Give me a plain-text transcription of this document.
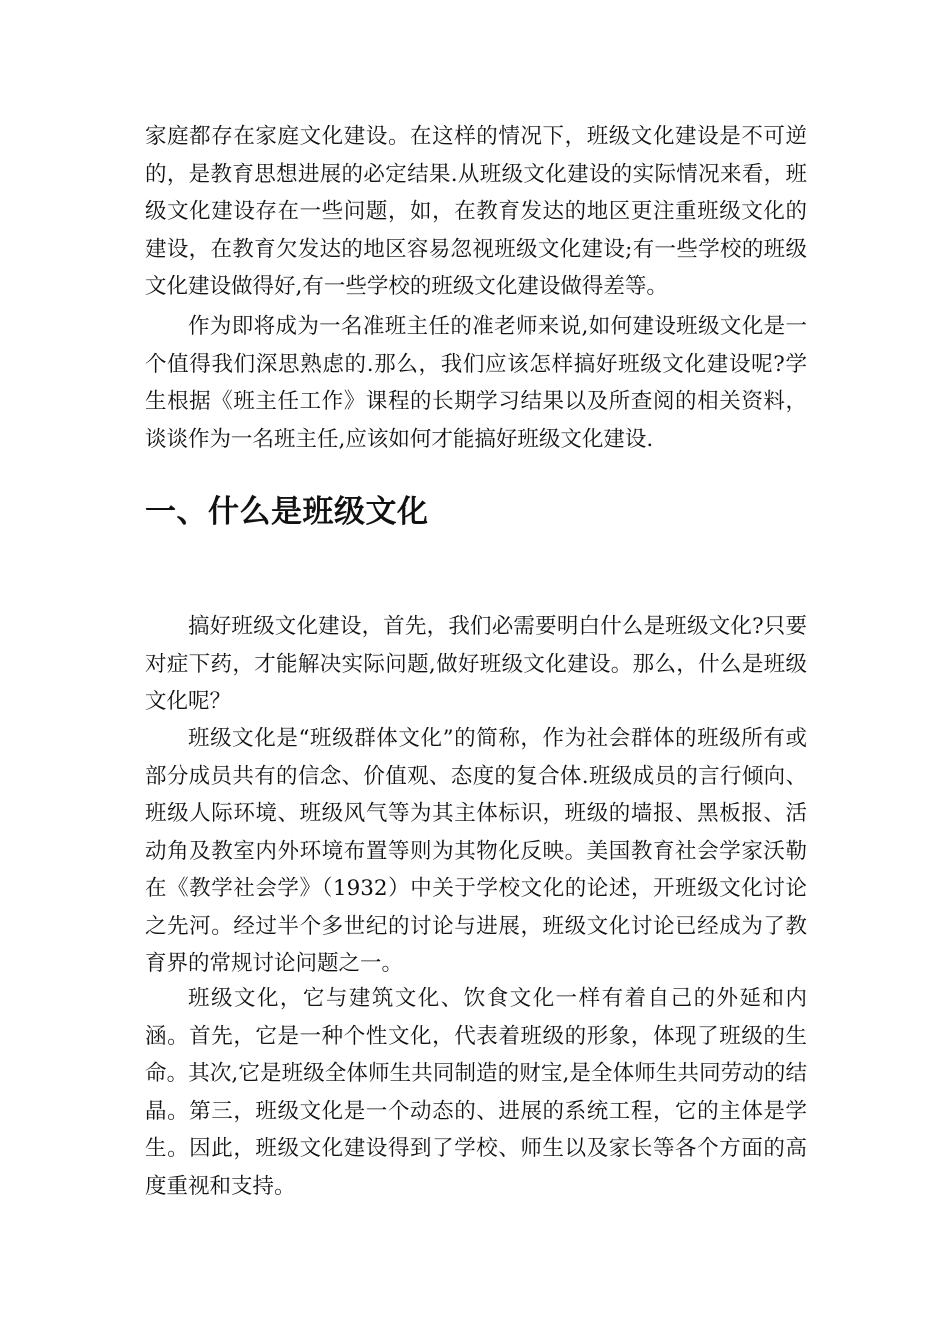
家庭都存在家庭文化建设。在这样的情况下，班级文化建设是不可逆的，是教育思想进展的必定结果.从班级文化建设的实际情况来看，班级文化建设存在一些问题，如，在教育发达的地区更注重班级文化的建设，在教育欠发达的地区容易忽视班级文化建设;有一些学校的班级文化建设做得好,有一些学校的班级文化建设做得差等。

作为即将成为一名准班主任的准老师来说,如何建设班级文化是一个值得我们深思熟虑的.那么，我们应该怎样搞好班级文化建设呢?学生根据《班主任工作》课程的长期学习结果以及所查阅的相关资料，谈谈作为一名班主任,应该如何才能搞好班级文化建设.

一、什么是班级文化

搞好班级文化建设，首先，我们必需要明白什么是班级文化?只要对症下药，才能解决实际问题,做好班级文化建设。那么，什么是班级文化呢？

班级文化是“班级群体文化”的简称，作为社会群体的班级所有或部分成员共有的信念、价值观、态度的复合体.班级成员的言行倾向、班级人际环境、班级风气等为其主体标识，班级的墙报、黑板报、活动角及教室内外环境布置等则为其物化反映。美国教育社会学家沃勒在《教学社会学》（1932）中关于学校文化的论述，开班级文化讨论之先河。经过半个多世纪的讨论与进展，班级文化讨论已经成为了教育界的常规讨论问题之一。

班级文化，它与建筑文化、饮食文化一样有着自己的外延和内涵。首先，它是一种个性文化，代表着班级的形象，体现了班级的生命。其次,它是班级全体师生共同制造的财宝,是全体师生共同劳动的结晶。第三，班级文化是一个动态的、进展的系统工程，它的主体是学生。因此，班级文化建设得到了学校、师生以及家长等各个方面的高度重视和支持。
